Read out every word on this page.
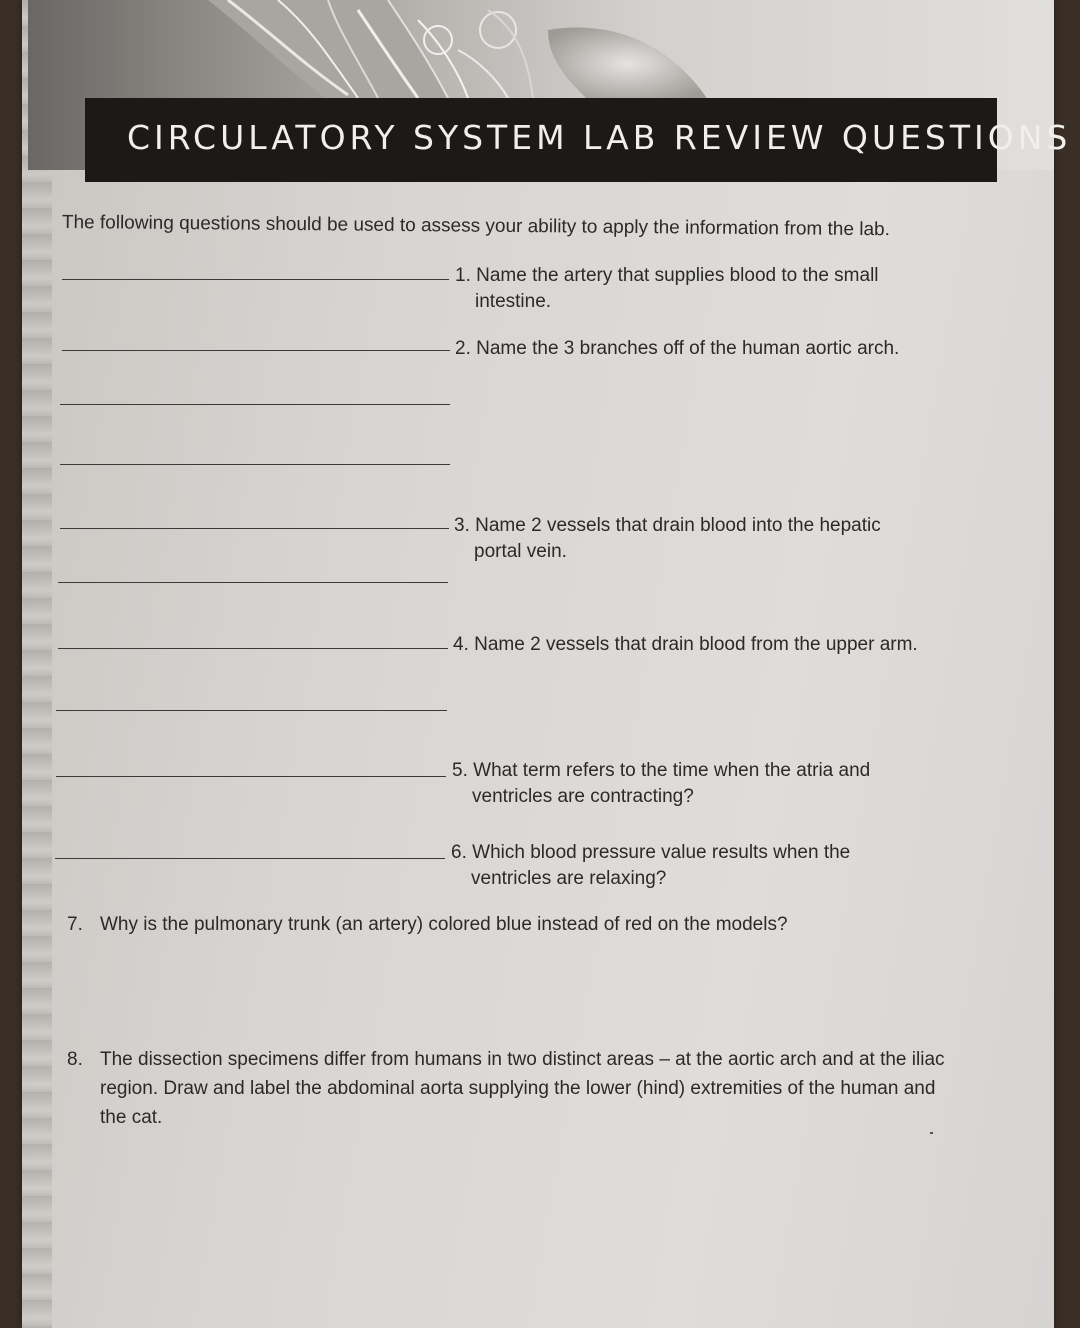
CIRCULATORY SYSTEM LAB REVIEW QUESTIONS
The following questions should be used to assess your ability to apply the information from the lab.
1. Name the artery that supplies blood to the small
intestine.
2. Name the 3 branches off of the human aortic arch.
3. Name 2 vessels that drain blood into the hepatic
portal vein.
4. Name 2 vessels that drain blood from the upper arm.
5. What term refers to the time when the atria and
ventricles are contracting?
6. Which blood pressure value results when the
ventricles are relaxing?
7. Why is the pulmonary trunk (an artery) colored blue instead of red on the models?
8. The dissection specimens differ from humans in two distinct areas – at the aortic arch and at the iliac region. Draw and label the abdominal aorta supplying the lower (hind) extremities of the human and the cat.
